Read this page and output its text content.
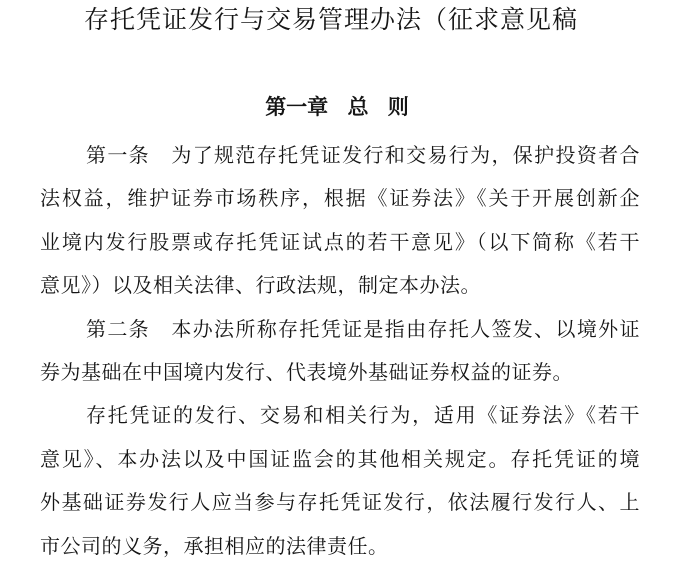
存托凭证发行与交易管理办法（征求意见稿
第一章 总 则
第一条　为了规范存托凭证发行和交易行为，保护投资者合
法权益，维护证券市场秩序，根据《证券法》《关于开展创新企
业境内发行股票或存托凭证试点的若干意见》（以下简称《若干
意见》）以及相关法律、行政法规，制定本办法。
第二条　本办法所称存托凭证是指由存托人签发、以境外证
券为基础在中国境内发行、代表境外基础证券权益的证券。
存托凭证的发行、交易和相关行为，适用《证券法》《若干
意见》、本办法以及中国证监会的其他相关规定。存托凭证的境
外基础证券发行人应当参与存托凭证发行，依法履行发行人、上
市公司的义务，承担相应的法律责任。
